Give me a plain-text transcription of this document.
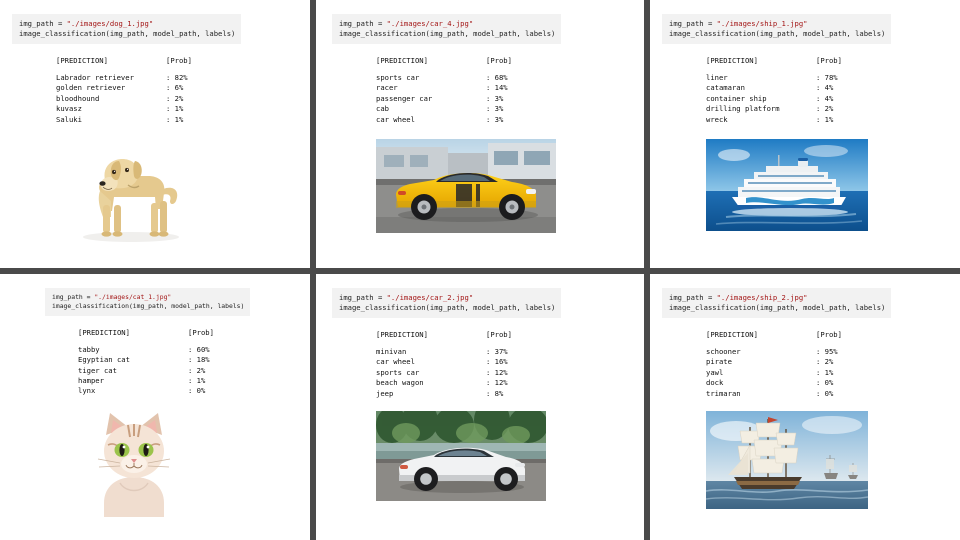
img_path = "./images/dog_1.jpg"
image_classification(img_path, model_path, labels)
[PREDICTION]	[Prob]
Labrador retriever	: 82%
golden retriever	: 6%
bloodhound	: 2%
kuvasz	: 1%
Saluki	: 1%
img_path = "./images/car_4.jpg"
image_classification(img_path, model_path, labels)
[PREDICTION]	[Prob]
sports car	: 68%
racer	: 14%
passenger car	: 3%
cab	: 3%
car wheel	: 3%
img_path = "./images/ship_1.jpg"
image_classification(img_path, model_path, labels)
[PREDICTION]	[Prob]
liner	: 78%
catamaran	: 4%
container ship	: 4%
drilling platform	: 2%
wreck	: 1%
img_path = "./images/cat_1.jpg"
image_classification(img_path, model_path, labels)
[PREDICTION]	[Prob]
tabby	: 60%
Egyptian cat	: 18%
tiger cat	: 2%
hamper	: 1%
lynx	: 0%
img_path = "./images/car_2.jpg"
image_classification(img_path, model_path, labels)
[PREDICTION]	[Prob]
minivan	: 37%
car wheel	: 16%
sports car	: 12%
beach wagon	: 12%
jeep	: 8%
img_path = "./images/ship_2.jpg"
image_classification(img_path, model_path, labels)
[PREDICTION]	[Prob]
schooner	: 95%
pirate	: 2%
yawl	: 1%
dock	: 0%
trimaran	: 0%
